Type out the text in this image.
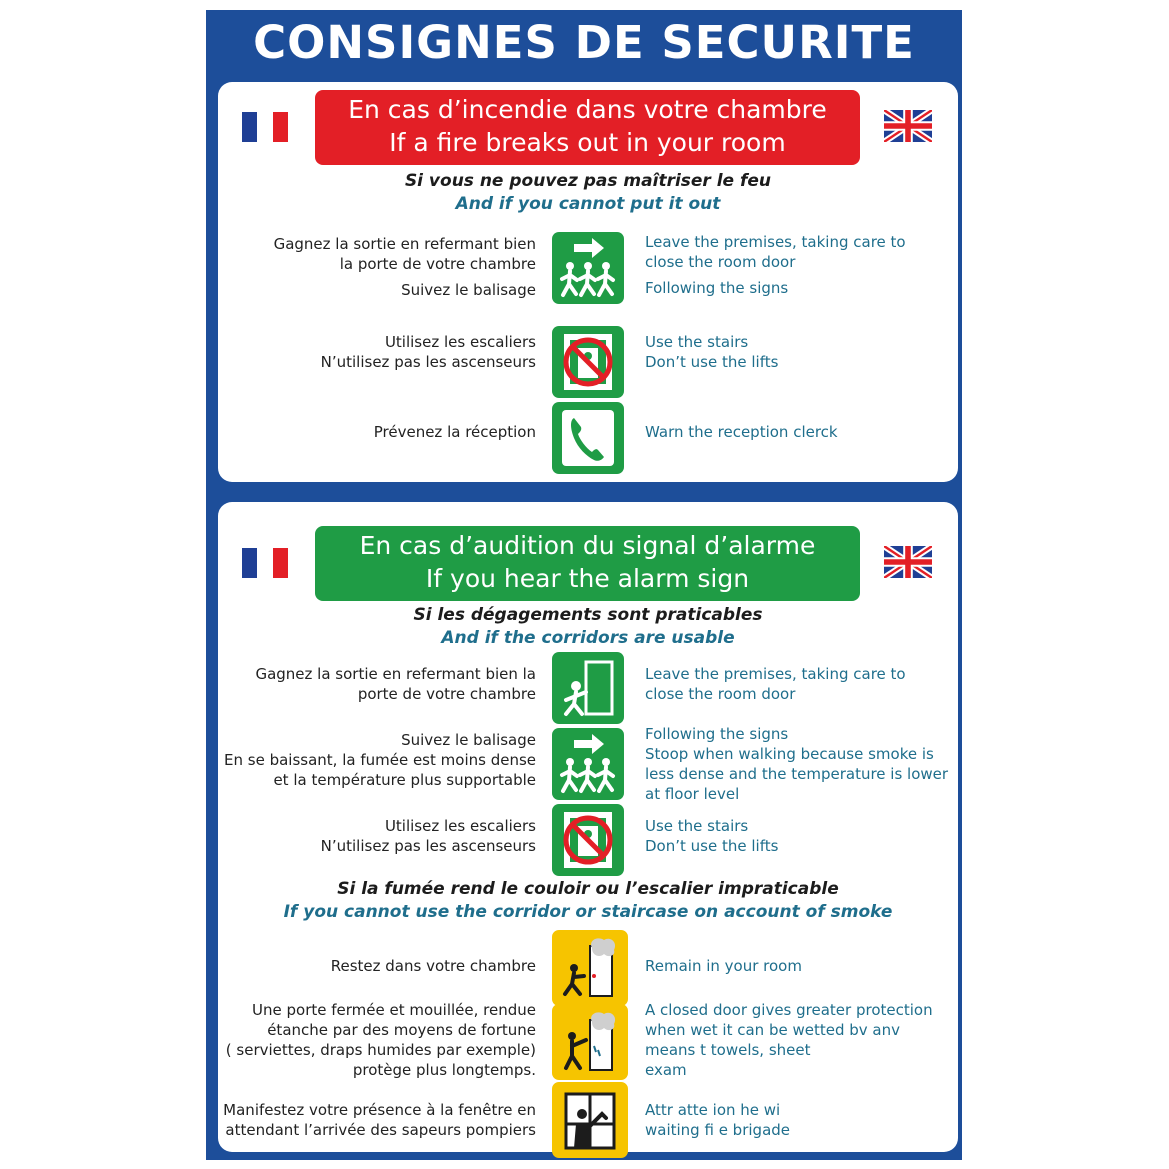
CONSIGNES DE SECURITE
En cas d’incendie dans votre chambre
If a fire breaks out in your room
Si vous ne pouvez pas maîtriser le feu
And if you cannot put it out
Gagnez la sortie en refermant bien
la porte de votre chambre
Suivez le balisage
Leave the premises, taking care to
close the room door
Following the signs
Utilisez les escaliers
N’utilisez pas les ascenseurs
Use the stairs
Don’t use the lifts
Prévenez la réception	Warn the reception clerck
En cas d’audition du signal d’alarme
If you hear the alarm sign
Si les dégagements sont praticables
And if the corridors are usable
Gagnez la sortie en refermant bien la
porte de votre chambre
Leave the premises, taking care to
close the room door
Suivez le balisage
En se baissant, la fumée est moins dense
et la température plus supportable
Following the signs
Stoop when walking because smoke is
less dense and the temperature is lower
at floor level
Utilisez les escaliers
N’utilisez pas les ascenseurs
Use the stairs
Don’t use the lifts
Si la fumée rend le couloir ou l’escalier impraticable
If you cannot use the corridor or staircase on account of smoke
Restez dans votre chambre	Remain in your room
Une porte fermée et mouillée, rendue
étanche par des moyens de fortune
( serviettes, draps humides par exemple)
protège plus longtemps.
A closed door gives greater protection
when wet it can be wetted bv anv
means t towels, sheet
exam
Manifestez votre présence à la fenêtre en
attendant l’arrivée des sapeurs pompiers
Attr atte ion he wi
waiting fi e brigade
